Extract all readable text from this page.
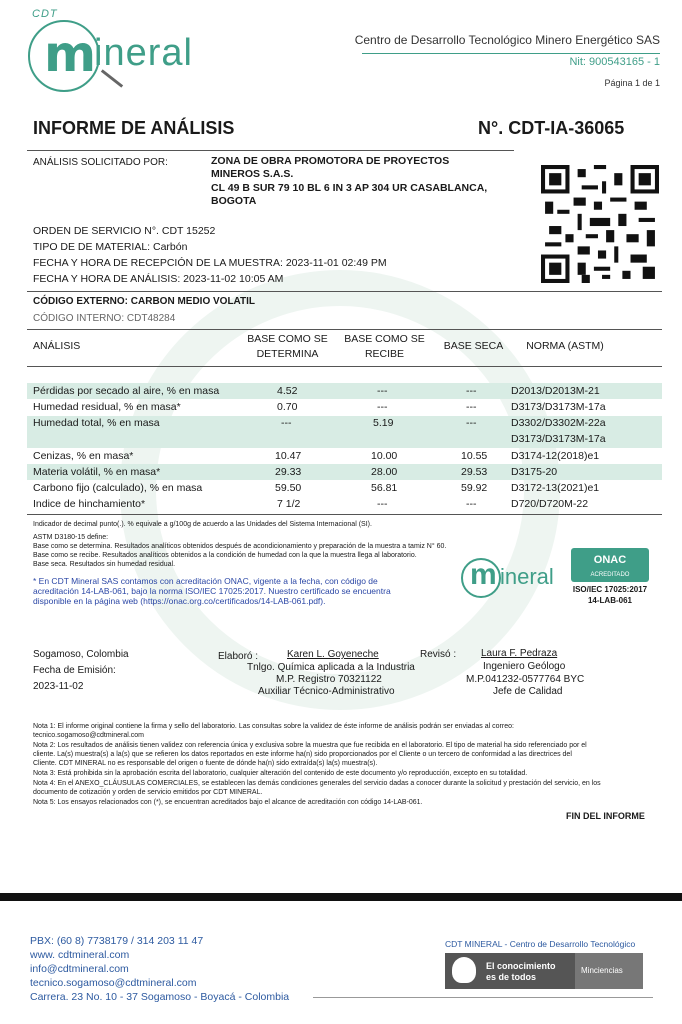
CDT
m
ineral	Centro de Desarrollo Tecnológico Minero Energético SAS
Nit: 900543165 - 1
Página 1 de 1
INFORME DE ANÁLISIS	N°. CDT-IA-36065
ANÁLISIS SOLICITADO POR:	ZONA DE OBRA PROMOTORA DE PROYECTOS
MINEROS S.A.S.
CL 49 B SUR 79 10 BL 6 IN 3 AP 304 UR CASABLANCA,
BOGOTA
ORDEN DE SERVICIO N°. CDT 15252
TIPO DE DE MATERIAL: Carbón
FECHA Y HORA DE RECEPCIÓN DE LA MUESTRA: 2023-11-01 02:49 PM
FECHA Y HORA DE ANÁLISIS: 2023-11-02 10:05 AM
CÓDIGO EXTERNO: CARBON MEDIO VOLATIL
CÓDIGO INTERNO: CDT48284
ANÁLISIS
BASE COMO SE
DETERMINA
BASE COMO SE
RECIBE
BASE SECA	NORMA (ASTM)
Pérdidas por secado al aire, % en masa	4.52	---	---	D2013/D2013M-21
Humedad residual, % en masa*	0.70	---	---	D3173/D3173M-17a
Humedad total, % en masa	---	5.19	---	D3302/D3302M-22a
D3173/D3173M-17a
Cenizas, % en masa*	10.47	10.00	10.55 D3174-12(2018)e1
Materia volátil, % en masa*	29.33	28.00	29.53 D3175-20
Carbono fijo (calculado), % en masa	59.50	56.81	59.92 D3172-13(2021)e1
Indice de hinchamiento*	7 1/2	---	---	D720/D720M-22
Indicador de decimal punto(.). % equivale a g/100g de acuerdo a las Unidades del Sistema Internacional (SI).
ASTM D3180-15 define:
Base como se determina. Resultados analíticos obtenidos después de acondicionamiento y preparación de la muestra a tamiz N° 60.
Base como se recibe. Resultados analíticos obtenidos a la condición de humedad con la que la muestra llega al laboratorio.
Base seca. Resultados sin humedad residual.
* En CDT Mineral SAS contamos con acreditación ONAC, vigente a la fecha, con código de
acreditación 14-LAB-061, bajo la norma ISO/IEC 17025:2017. Nuestro certificado se encuentra
disponible en la página web (https://onac.org.co/certificados/14-LAB-061.pdf).
m ineral
ONAC
ACREDITADO
ISO/IEC 17025:2017
14-LAB-061
Sogamoso, Colombia
Fecha de Emisión:
2023-11-02
Elaboró :	Karen L. Goyeneche
Tnlgo. Química aplicada a la Industria
M.P. Registro 70321122
Auxiliar Técnico-Administrativo
Revisó : Laura F. Pedraza
Ingeniero Geólogo
M.P.041232-0577764 BYC
Jefe de Calidad
Nota 1: El informe original contiene la firma y sello del laboratorio. Las consultas sobre la validez de éste informe de análisis podrán ser enviadas al correo:
tecnico.sogamoso@cdtmineral.com
Nota 2: Los resultados de análisis tienen validez con referencia única y exclusiva sobre la muestra que fue recibida en el laboratorio. El tipo de material ha sido referenciado por el
cliente. La(s) muestra(s) a la(s) que se refieren los datos reportados en este informe ha(n) sido proporcionados por el Cliente o un tercero de conformidad a las directrices del
Cliente. CDT MINERAL no es responsable del origen o fuente de dónde ha(n) sido extraída(s) la(s) muestra(s).
Nota 3: Está prohibida sin la aprobación escrita del laboratorio, cualquier alteración del contenido de este documento y/o reproducción, excepto en su totalidad.
Nota 4: En el ANEXO_CLÁUSULAS COMERCIALES, se establecen las demás condiciones generales del servicio dadas a conocer durante la solicitud y prestación del servicio, en los
documento de cotización y orden de servicio emitidos por CDT MINERAL.
Nota 5: Los ensayos relacionados con (*), se encuentran acreditados bajo el alcance de acreditación con código 14-LAB-061.
FIN DEL INFORME
PBX: (60 8) 7738179 / 314 203 11 47
www. cdtmineral.com
info@cdtmineral.com
tecnico.sogamoso@cdtmineral.com
Carrera. 23 No. 10 - 37 Sogamoso - Boyacá - Colombia
CDT MINERAL - Centro de Desarrollo Tecnológico
El conocimiento
es de todos
Minciencias
